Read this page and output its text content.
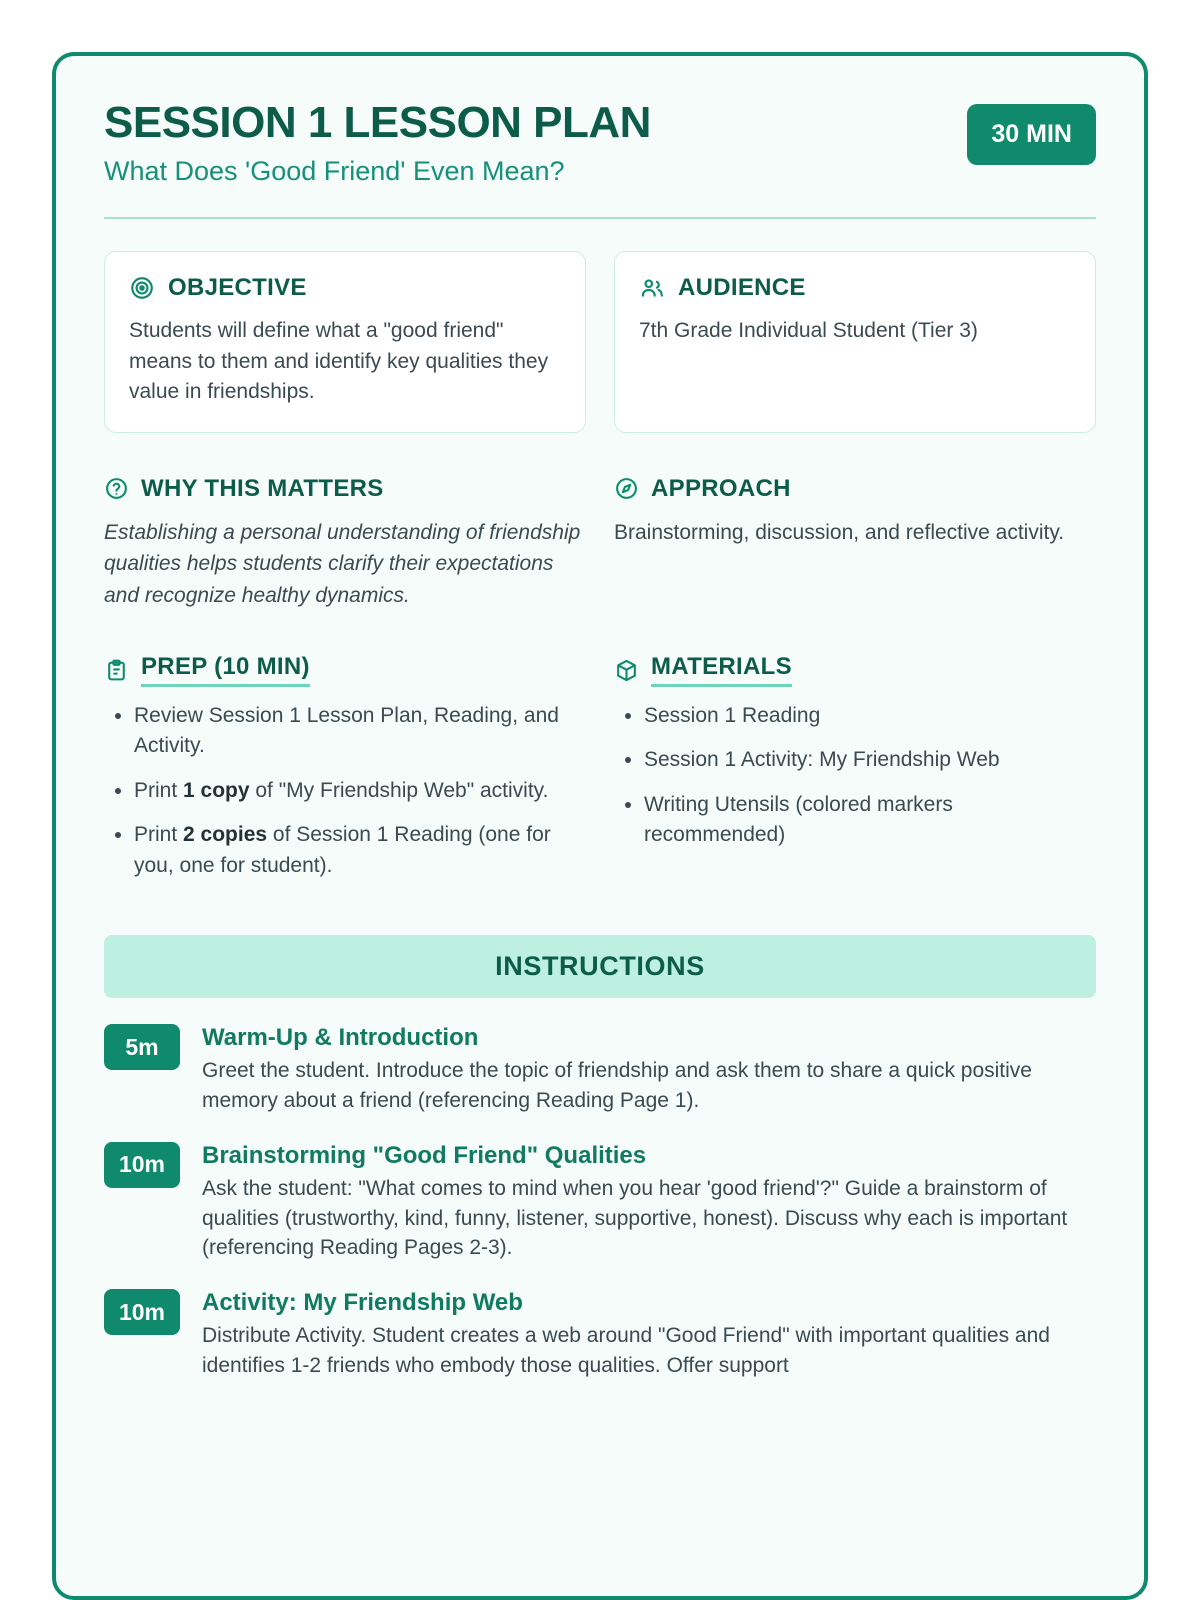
SESSION 1 LESSON PLAN
What Does 'Good Friend' Even Mean?
30 MIN
OBJECTIVE
Students will define what a "good friend" means to them and identify key qualities they value in friendships.
AUDIENCE
7th Grade Individual Student (Tier 3)
WHY THIS MATTERS
Establishing a personal understanding of friendship qualities helps students clarify their expectations and recognize healthy dynamics.
APPROACH
Brainstorming, discussion, and reflective activity.
PREP (10 MIN)
• Review Session 1 Lesson Plan, Reading, and Activity.
• Print 1 copy of "My Friendship Web" activity.
• Print 2 copies of Session 1 Reading (one for you, one for student).
MATERIALS
• Session 1 Reading
• Session 1 Activity: My Friendship Web
• Writing Utensils (colored markers recommended)
INSTRUCTIONS
5m	Warm-Up & Introduction
Greet the student. Introduce the topic of friendship and ask them to share a quick positive memory about a friend (referencing Reading Page 1).
10m	Brainstorming "Good Friend" Qualities
Ask the student: "What comes to mind when you hear 'good friend'?" Guide a brainstorm of qualities (trustworthy, kind, funny, listener, supportive, honest). Discuss why each is important (referencing Reading Pages 2-3).
10m	Activity: My Friendship Web
Distribute Activity. Student creates a web around "Good Friend" with important qualities and identifies 1-2 friends who embody those qualities. Offer support
